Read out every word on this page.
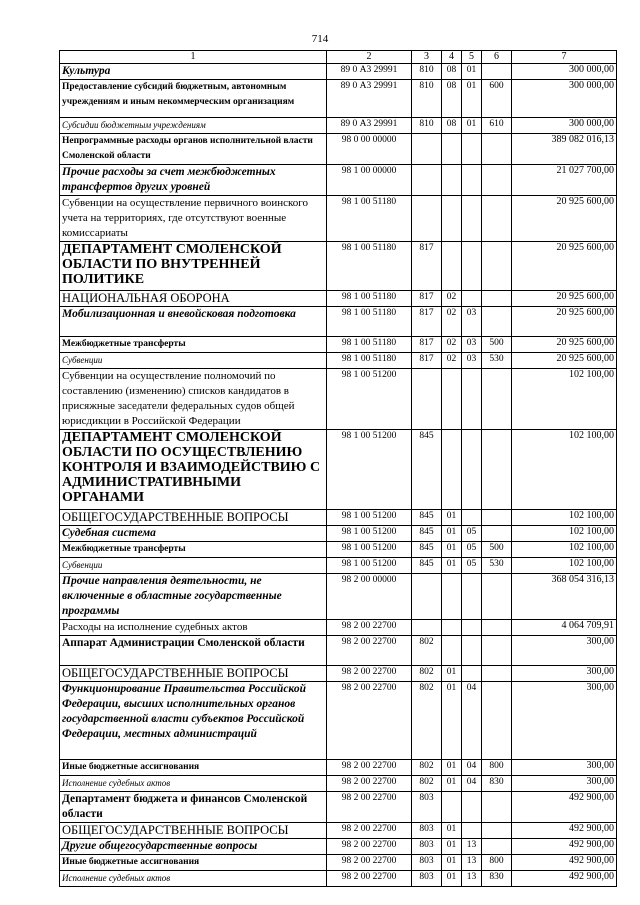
714
1	2	3	4	5	6	7
Культура	89 0 А3 29991	810	08	01		300 000,00
Предоставление субсидий бюджетным, автономным учреждениям и иным некоммерческим организациям	89 0 А3 29991	810	08	01	600	300 000,00
Субсидии бюджетным учреждениям	89 0 А3 29991	810	08	01	610	300 000,00
Непрограммные расходы органов исполнительной власти Смоленской области	98 0 00 00000					389 082 016,13
Прочие расходы за счет межбюджетных трансфертов других уровней	98 1 00 00000					21 027 700,00
Субвенции на осуществление первичного воинского учета на территориях, где отсутствуют военные комиссариаты	98 1 00 51180					20 925 600,00
ДЕПАРТАМЕНТ СМОЛЕНСКОЙ ОБЛАСТИ ПО ВНУТРЕННЕЙ ПОЛИТИКЕ	98 1 00 51180	817				20 925 600,00
НАЦИОНАЛЬНАЯ ОБОРОНА	98 1 00 51180	817	02			20 925 600,00
Мобилизационная и вневойсковая подготовка	98 1 00 51180	817	02	03		20 925 600,00
Межбюджетные трансферты	98 1 00 51180	817	02	03	500	20 925 600,00
Субвенции	98 1 00 51180	817	02	03	530	20 925 600,00
Субвенции на осуществление полномочий по составлению (изменению) списков кандидатов в присяжные заседатели федеральных судов общей юрисдикции в Российской Федерации	98 1 00 51200					102 100,00
ДЕПАРТАМЕНТ СМОЛЕНСКОЙ ОБЛАСТИ ПО ОСУЩЕСТВЛЕНИЮ КОНТРОЛЯ И ВЗАИМОДЕЙСТВИЮ С АДМИНИСТРАТИВНЫМИ ОРГАНАМИ	98 1 00 51200	845				102 100,00
ОБЩЕГОСУДАРСТВЕННЫЕ ВОПРОСЫ	98 1 00 51200	845	01			102 100,00
Судебная система	98 1 00 51200	845	01	05		102 100,00
Межбюджетные трансферты	98 1 00 51200	845	01	05	500	102 100,00
Субвенции	98 1 00 51200	845	01	05	530	102 100,00
Прочие направления деятельности, не включенные в областные государственные программы	98 2 00 00000					368 054 316,13
Расходы на исполнение судебных актов	98 2 00 22700					4 064 709,91
Аппарат Администрации Смоленской области	98 2 00 22700	802				300,00
ОБЩЕГОСУДАРСТВЕННЫЕ ВОПРОСЫ	98 2 00 22700	802	01			300,00
Функционирование Правительства Российской Федерации, высших исполнительных органов государственной власти субъектов Российской Федерации, местных администраций	98 2 00 22700	802	01	04		300,00
Иные бюджетные ассигнования	98 2 00 22700	802	01	04	800	300,00
Исполнение судебных актов	98 2 00 22700	802	01	04	830	300,00
Департамент бюджета и финансов Смоленской области	98 2 00 22700	803				492 900,00
ОБЩЕГОСУДАРСТВЕННЫЕ ВОПРОСЫ	98 2 00 22700	803	01			492 900,00
Другие общегосударственные вопросы	98 2 00 22700	803	01	13		492 900,00
Иные бюджетные ассигнования	98 2 00 22700	803	01	13	800	492 900,00
Исполнение судебных актов	98 2 00 22700	803	01	13	830	492 900,00
